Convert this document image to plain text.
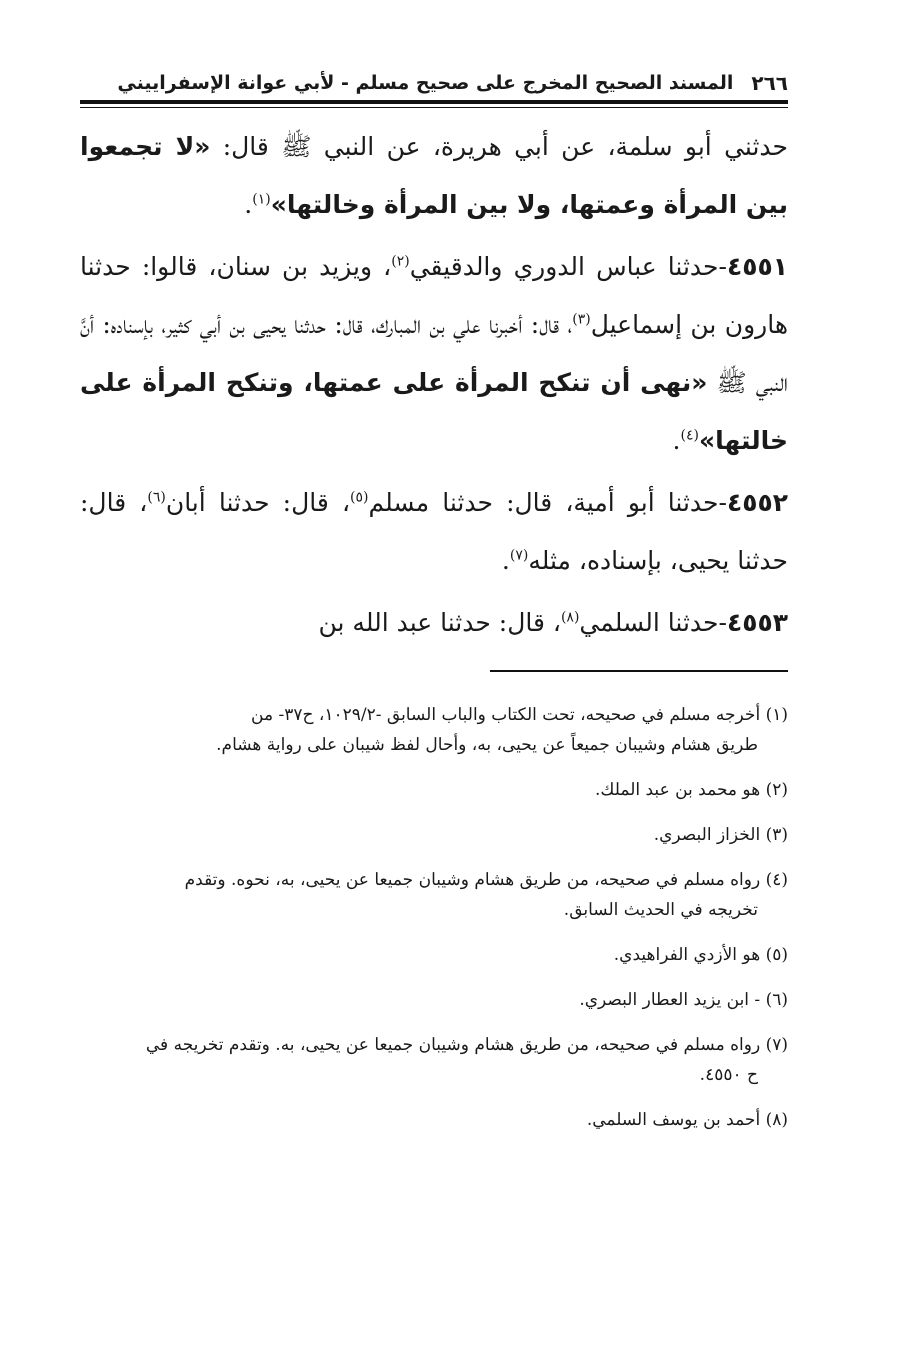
٢٦٦
المسند الصحيح المخرج على صحيح مسلم - لأبي عوانة الإسفراييني

حدثني أبو سلمة، عن أبي هريرة، عن النبي ﷺ قال: «لا تجمعوا بين المرأة وعمتها، ولا بين المرأة وخالتها»$^{(١)}$.

٤٥٥١-حدثنا عباس الدوري والدقيقي$^{(٢)}$، ويزيد بن سنان، قالوا: حدثنا هارون بن إسماعيل$^{(٣)}$، قال: أخبرنا علي بن المبارك، قال: حدثنا يحيى بن أبي كثير، بإسناده: أنَّ النبي ﷺ «نهى أن تنكح المرأة على عمتها، وتنكح المرأة على خالتها»$^{(٤)}$.

٤٥٥٢-حدثنا أبو أمية، قال: حدثنا مسلم$^{(٥)}$، قال: حدثنا أبان$^{(٦)}$، قال: حدثنا يحيى، بإسناده، مثله$^{(٧)}$.

٤٥٥٣-حدثنا السلمي$^{(٨)}$، قال: حدثنا عبد الله بن

(١) أخرجه مسلم في صحيحه، تحت الكتاب والباب السابق -١٠٢٩/٢، ح٣٧- من
طريق هشام وشيبان جميعاً عن يحيى، به، وأحال لفظ شيبان على رواية هشام.
(٢) هو محمد بن عبد الملك.
(٣) الخزاز البصري.
(٤) رواه مسلم في صحيحه، من طريق هشام وشيبان جميعا عن يحيى، به، نحوه. وتقدم
تخريجه في الحديث السابق.
(٥) هو الأزدي الفراهيدي.
(٦) - ابن يزيد العطار البصري.
(٧) رواه مسلم في صحيحه، من طريق هشام وشيبان جميعا عن يحيى، به. وتقدم تخريجه في
ح ٤٥٥٠.
(٨) أحمد بن يوسف السلمي.
